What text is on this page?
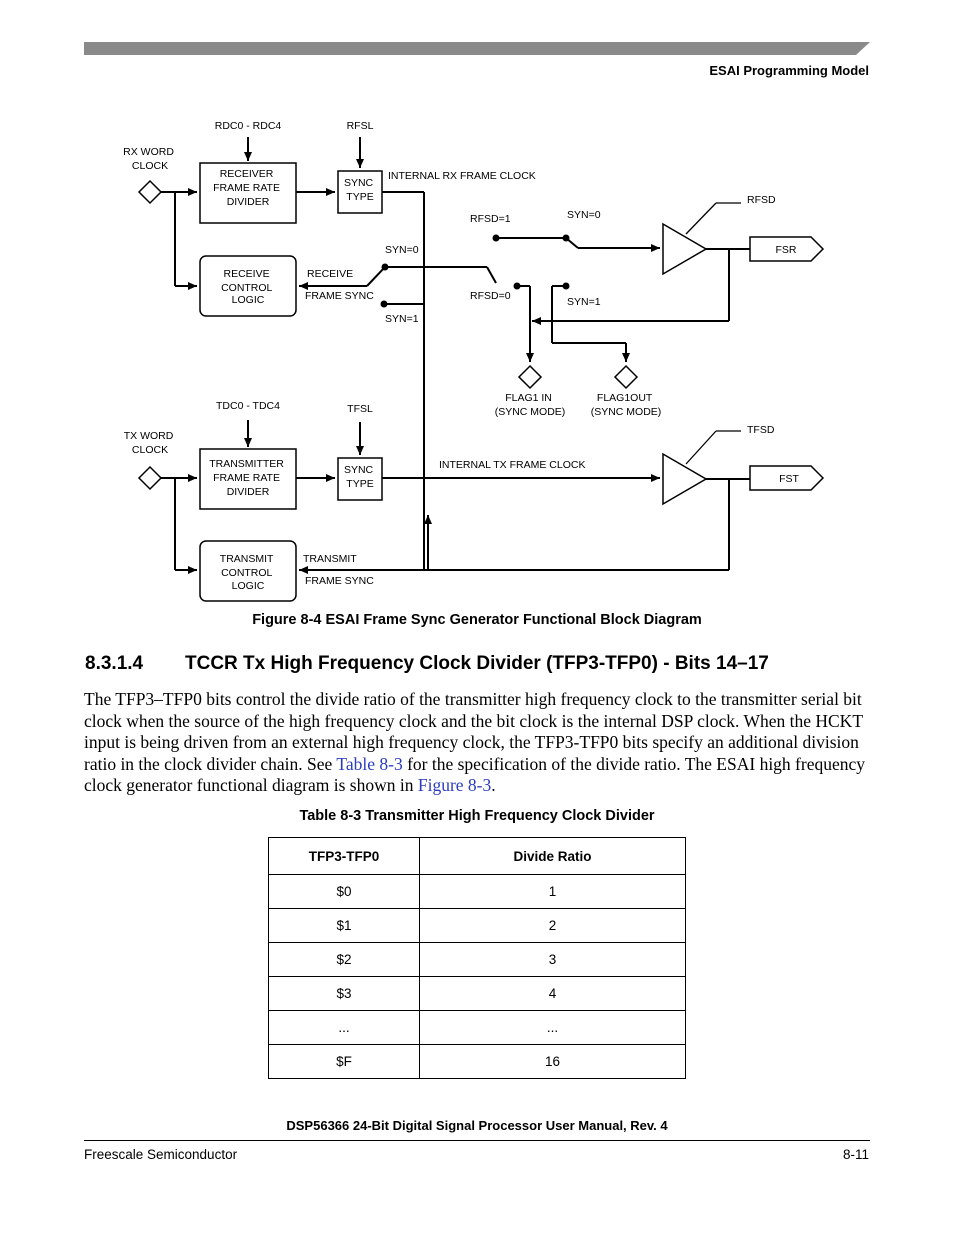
ESAI Programming Model
RX WORD CLOCK
RDC0 - RDC4	RFSL
RECEIVER FRAME RATE DIVIDER
SYNC TYPE
INTERNAL RX FRAME CLOCK
RFSD=1	SYN=0
RFSD
FSR
RECEIVE CONTROL LOGIC
RECEIVE
FRAME SYNC
SYN=0
SYN=1
RFSD=0	SYN=1
FLAG1 IN (SYNC MODE)
FLAG1OUT (SYNC MODE)
TX WORD CLOCK
TDC0 - TDC4	TFSL
TRANSMITTER FRAME RATE DIVIDER
SYNC TYPE
INTERNAL TX FRAME CLOCK
TFSD
FST
TRANSMIT CONTROL LOGIC
TRANSMIT
FRAME SYNC
Figure 8-4 ESAI Frame Sync Generator Functional Block Diagram
8.3.1.4 TCCR Tx High Frequency Clock Divider (TFP3-TFP0) - Bits 14–17
The TFP3–TFP0 bits control the divide ratio of the transmitter high frequency clock to the transmitter serial bit clock when the source of the high frequency clock and the bit clock is the internal DSP clock. When the HCKT input is being driven from an external high frequency clock, the TFP3-TFP0 bits specify an additional division ratio in the clock divider chain. See Table 8-3 for the specification of the divide ratio. The ESAI high frequency clock generator functional diagram is shown in Figure 8-3.
Table 8-3 Transmitter High Frequency Clock Divider
TFP3-TFP0	Divide Ratio
$0	1
$1	2
$2	3
$3	4
...	...
$F	16
DSP56366 24-Bit Digital Signal Processor User Manual, Rev. 4
Freescale Semiconductor	8-11
